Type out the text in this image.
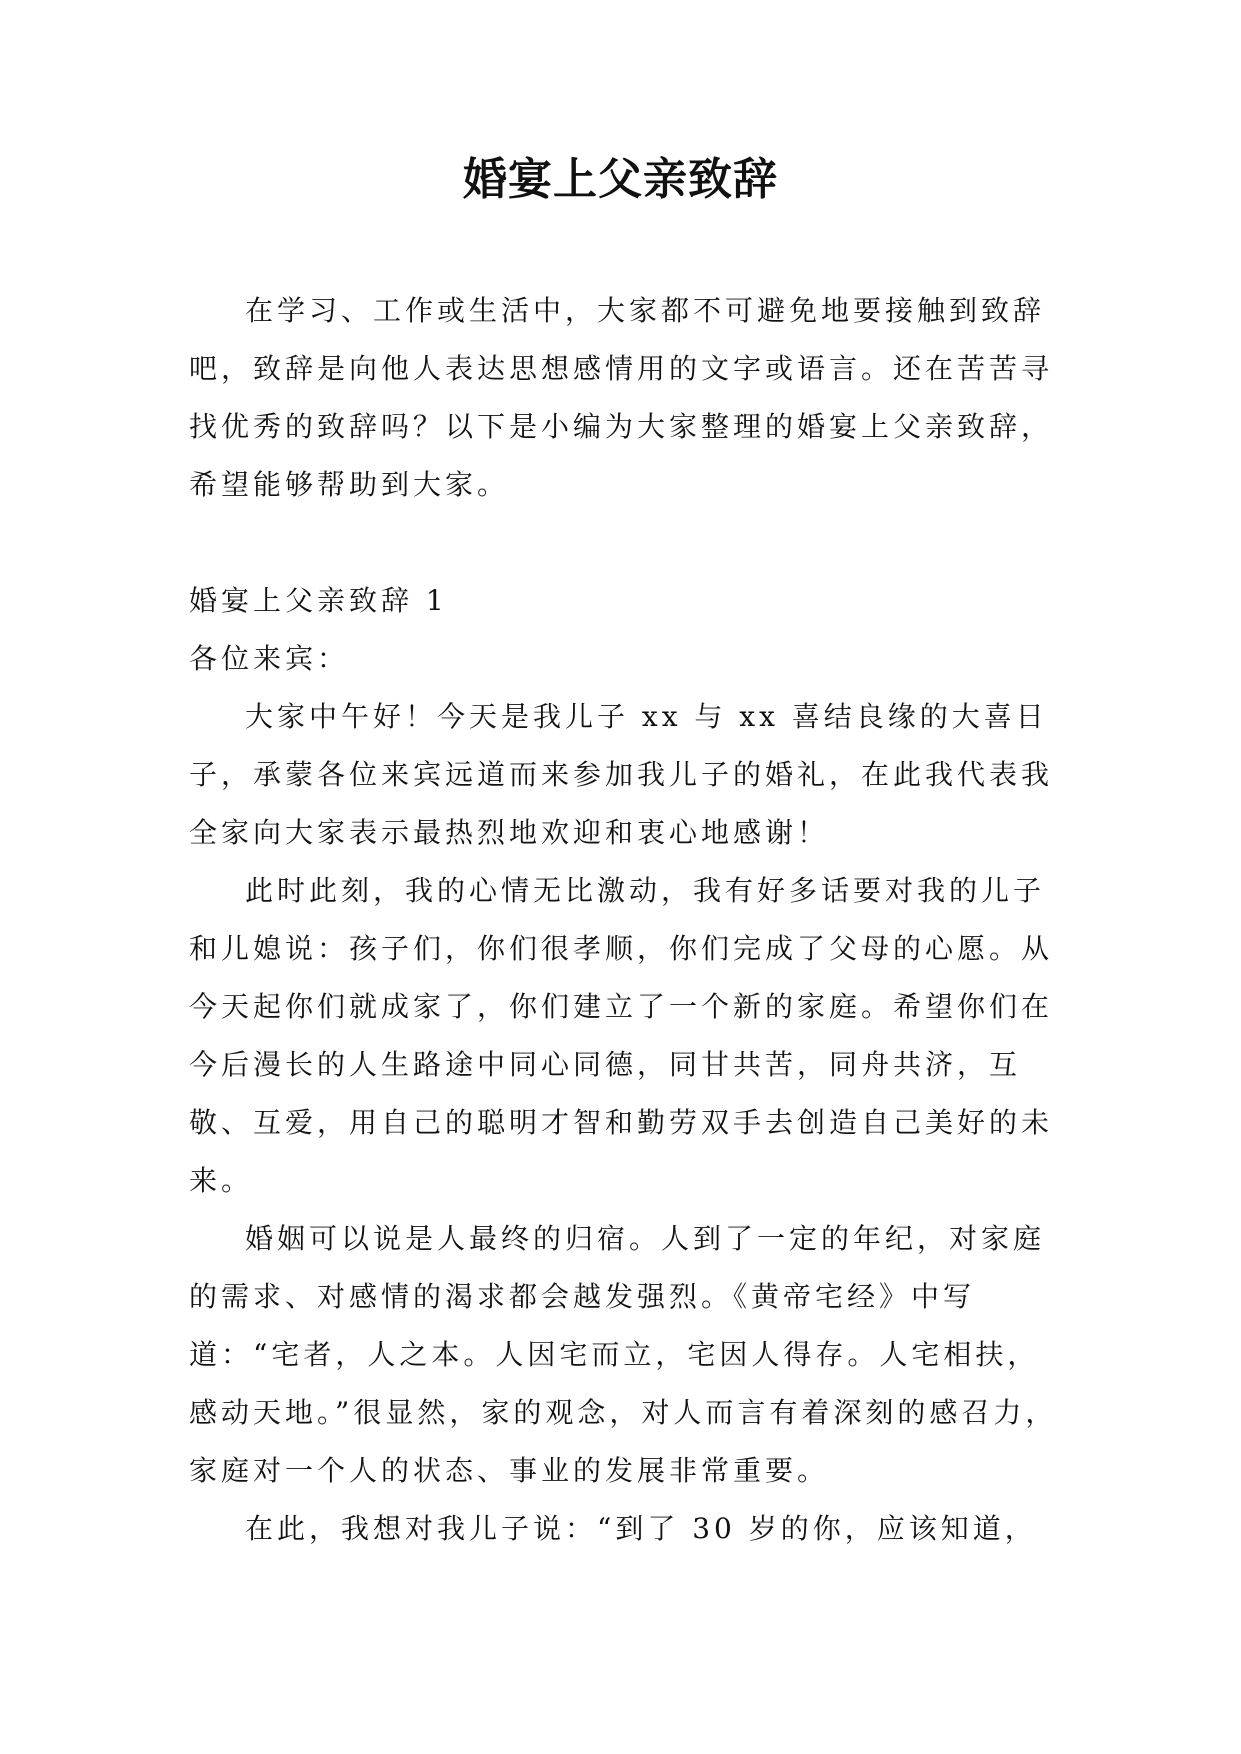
婚宴上父亲致辞

在学习、工作或生活中，大家都不可避免地要接触到致辞吧，致辞是向他人表达思想感情用的文字或语言。还在苦苦寻找优秀的致辞吗？以下是小编为大家整理的婚宴上父亲致辞，希望能够帮助到大家。

婚宴上父亲致辞 1

各位来宾：

大家中午好！今天是我儿子 xx 与 xx 喜结良缘的大喜日子，承蒙各位来宾远道而来参加我儿子的婚礼，在此我代表我全家向大家表示最热烈地欢迎和衷心地感谢！

此时此刻，我的心情无比激动，我有好多话要对我的儿子和儿媳说：孩子们，你们很孝顺，你们完成了父母的心愿。从今天起你们就成家了，你们建立了一个新的家庭。希望你们在今后漫长的人生路途中同心同德，同甘共苦，同舟共济，互敬、互爱，用自己的聪明才智和勤劳双手去创造自己美好的未来。

婚姻可以说是人最终的归宿。人到了一定的年纪，对家庭的需求、对感情的渴求都会越发强烈。《黄帝宅经》中写道：“宅者，人之本。人因宅而立，宅因人得存。人宅相扶，感动天地。”很显然，家的观念，对人而言有着深刻的感召力，家庭对一个人的状态、事业的发展非常重要。

在此，我想对我儿子说：“到了 30 岁的你，应该知道，
